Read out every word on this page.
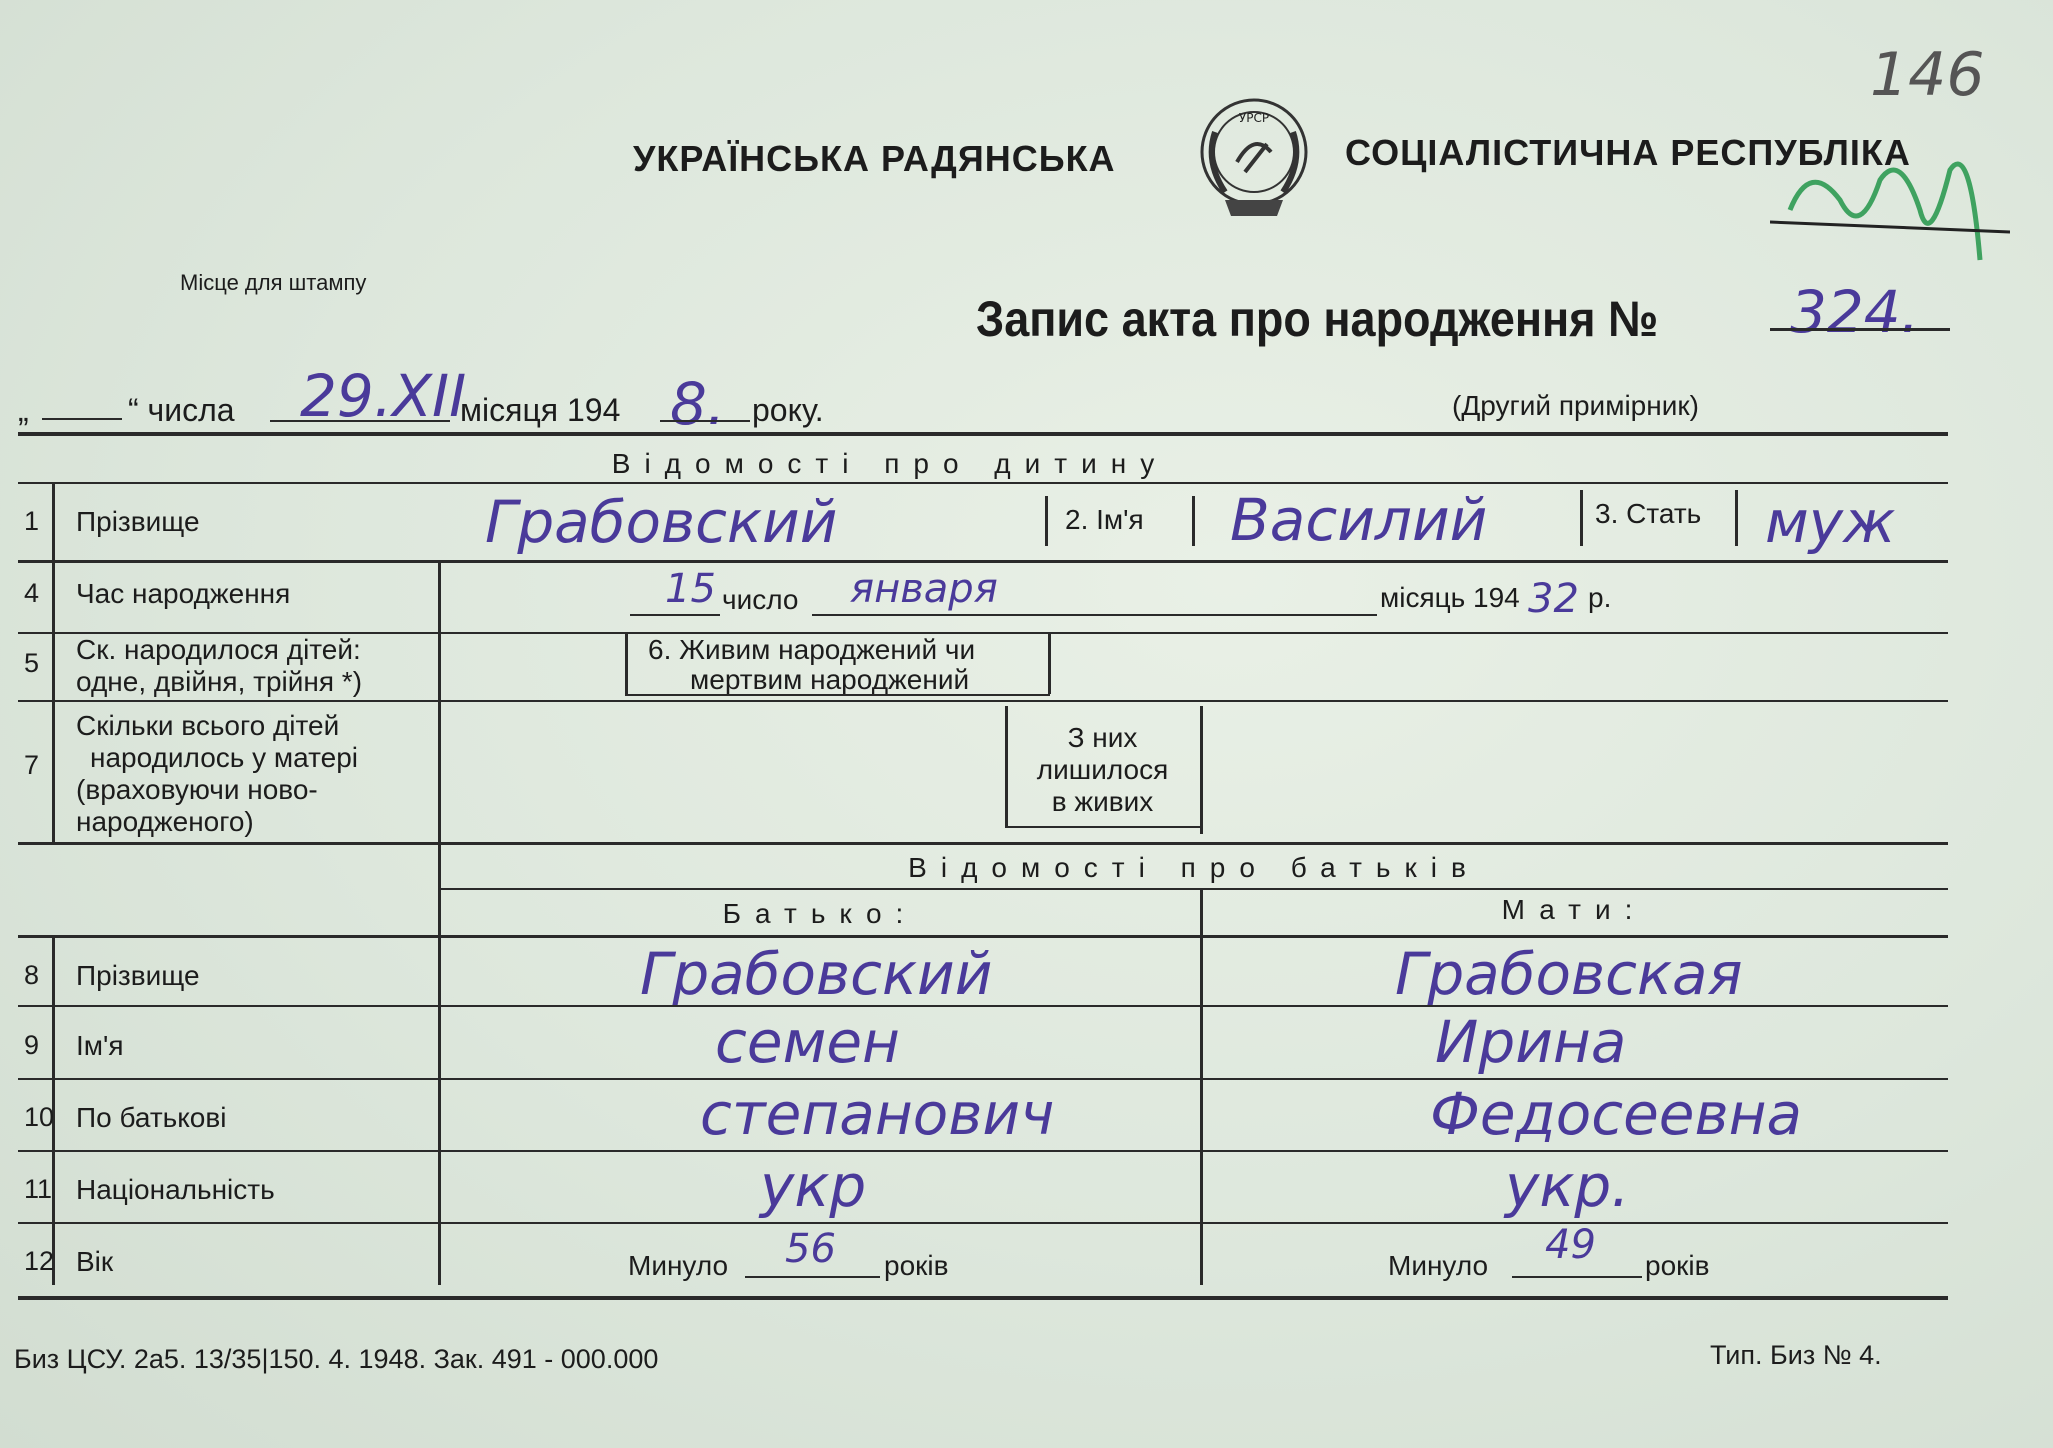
УКРАЇНСЬКА РАДЯНСЬКА
УРСР
СОЦІАЛІСТИЧНА РЕСПУБЛІКА
146
Місце для штампу
Запис акта про народження № 324.
„	“ числа 29.XII
місяця 194 8. року.	(Другий примірник)
Відомості про дитину
1 Прізвище	Грабовский	2. Ім'я Василий	3. Стать муж
4 Час народження	15 число января	місяць 194 32 р.
5 Ск. народилося дітей:
одне, двійня, трійня *)
6. Живим народжений чи
мертвим народжений
7
Скільки всього дітей
народилось у матері
(враховуючи ново-
народженого)
З них
лишилося
в живих
Відомості про батьків
Батько:	Мати:
8 Прізвище	Грабовский	Грабовская
9 Ім'я	семен	Ирина
10 По батькові	степанович	Федосеевна
11 Національність	укр	укр.
12 Вік	Минуло 56 років	Минуло 49 років
Биз ЦСУ. 2а5. 13/35|150. 4. 1948. Зак. 491 - 000.000	Тип. Биз № 4.
